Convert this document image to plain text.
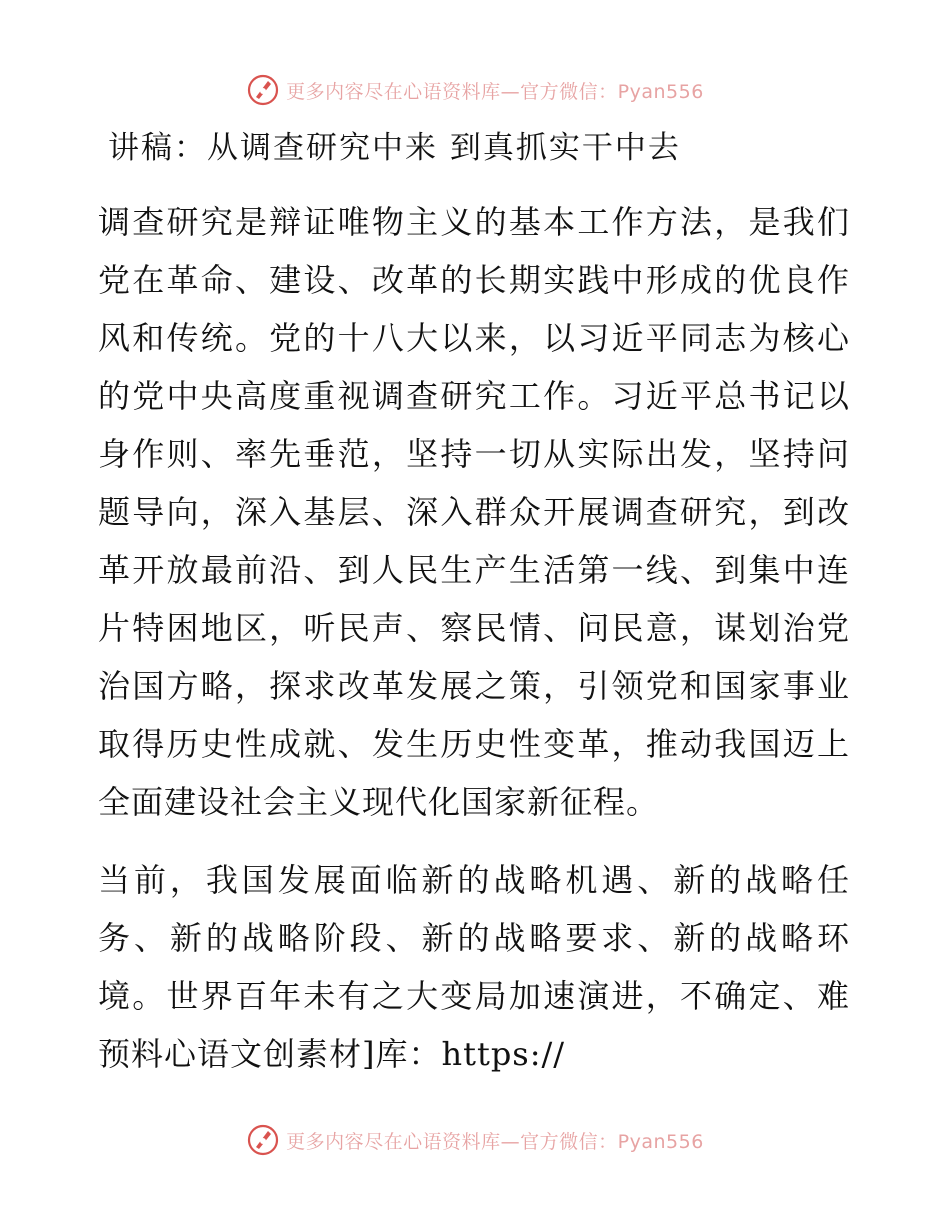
更多内容尽在心语资料库—官方微信：Pyan556
讲稿：从调查研究中来 到真抓实干中去

调查研究是辩证唯物主义的基本工作方法，是我们党在革命、建设、改革的长期实践中形成的优良作风和传统。党的十八大以来，以习近平同志为核心的党中央高度重视调查研究工作。习近平总书记以身作则、率先垂范，坚持一切从实际出发，坚持问题导向，深入基层、深入群众开展调查研究，到改革开放最前沿、到人民生产生活第一线、到集中连片特困地区，听民声、察民情、问民意，谋划治党治国方略，探求改革发展之策，引领党和国家事业取得历史性成就、发生历史性变革，推动我国迈上全面建设社会主义现代化国家新征程。

当前，我国发展面临新的战略机遇、新的战略任务、新的战略阶段、新的战略要求、新的战略环境。世界百年未有之大变局加速演进，不确定、难预料心语文创素材]库：https://

更多内容尽在心语资料库—官方微信：Pyan556
